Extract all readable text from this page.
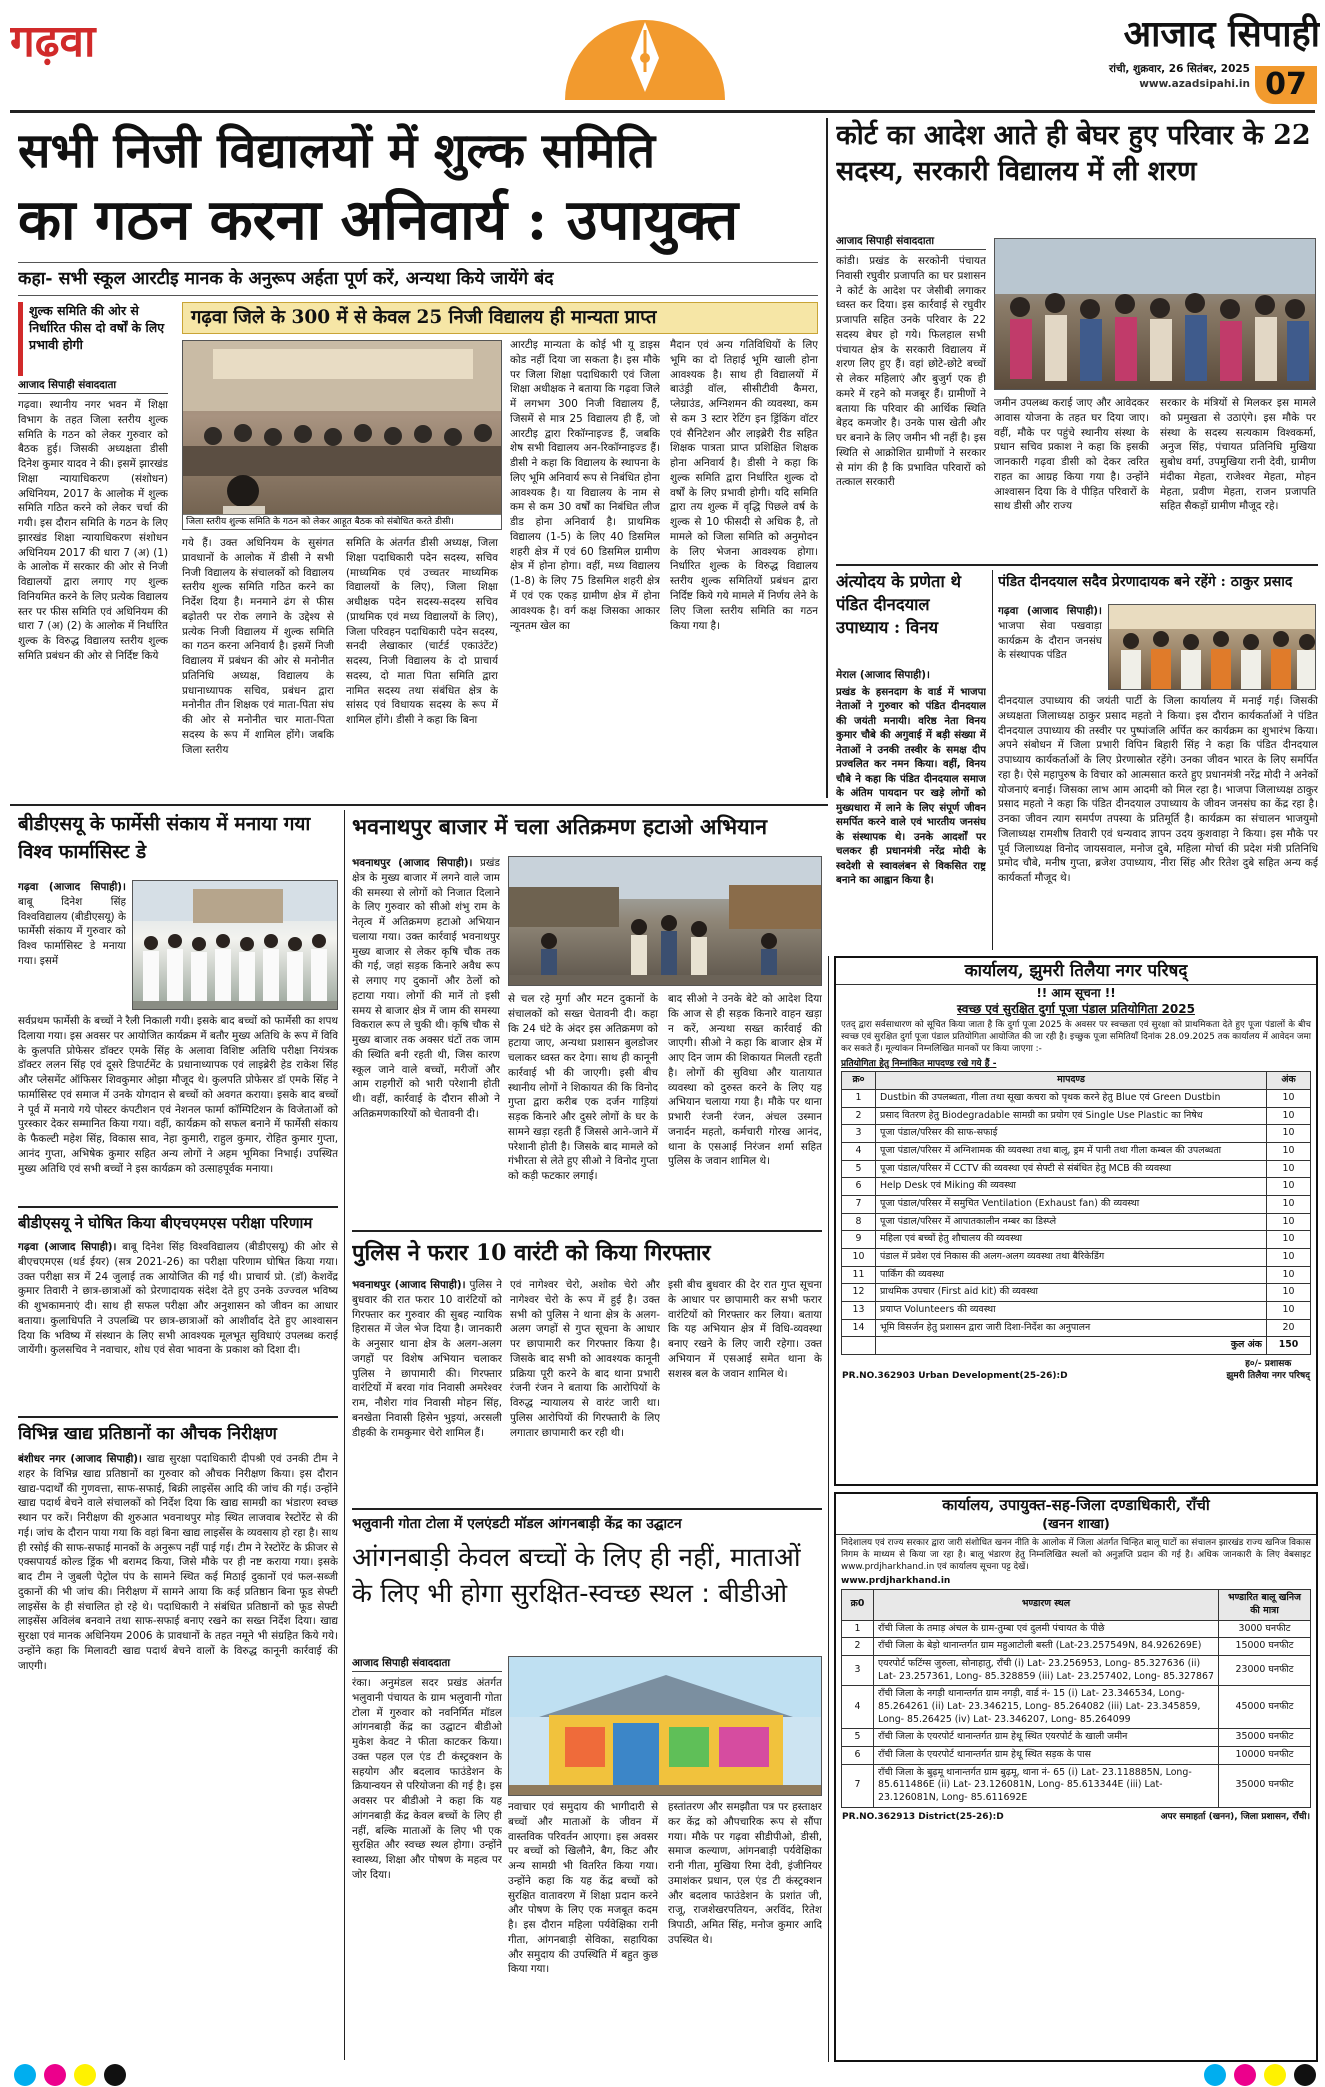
गढ़वा	आजाद सिपाही
रांची, शुक्रवार, 26 सितंबर, 2025
www.azadsipahi.in 07
सभी निजी विद्यालयों में शुल्क समिति
का गठन करना अनिवार्य : उपायुक्त
कहा- सभी स्कूल आरटीइ मानक के अनुरूप अर्हता पूर्ण करें, अन्यथा किये जायेंगे बंद
शुल्क समिति की ओर से निर्धारित फीस दो वर्षों के लिए प्रभावी होगी
गढ़वा जिले के 300 में से केवल 25 निजी विद्यालय ही मान्यता प्राप्त
आजाद सिपाही संवाददाता
जिला स्तरीय शुल्क समिति के गठन को लेकर आहूत बैठक को संबोधित करते डीसी।

गढ़वा। स्थानीय नगर भवन में शिक्षा विभाग के तहत जिला स्तरीय शुल्क समिति के गठन को लेकर गुरुवार को बैठक हुई। जिसकी अध्यक्षता डीसी दिनेश कुमार यादव ने की। इसमें झारखंड शिक्षा न्यायाधिकरण (संशोधन) अधिनियम, 2017 के आलोक में शुल्क समिति गठित करने को लेकर चर्चा की गयी। इस दौरान समिति के गठन के लिए झारखंड शिक्षा न्यायाधिकरण संशोधन अधिनियम 2017 की धारा 7 (अ) (1) के आलोक में सरकार की ओर से निजी विद्यालयों द्वारा लगाए गए शुल्क विनियमित करने के लिए प्रत्येक विद्यालय स्तर पर फीस समिति एवं अधिनियम की धारा 7 (अ) (2) के आलोक में निर्धारित शुल्क के विरुद्ध विद्यालय स्तरीय शुल्क समिति प्रबंधन की ओर से निर्दिष्ट किये

गये हैं। उक्त अधिनियम के सुसंगत प्रावधानों के आलोक में डीसी ने सभी निजी विद्यालय के संचालकों को विद्यालय स्तरीय शुल्क समिति गठित करने का निर्देश दिया है। मनमाने ढंग से फीस बढ़ोतरी पर रोक लगाने के उद्देश्य से प्रत्येक निजी विद्यालय में शुल्क समिति का गठन करना अनिवार्य है। इसमें निजी विद्यालय में प्रबंधन की ओर से मनोनीत प्रतिनिधि अध्यक्ष, विद्यालय के प्रधानाध्यापक सचिव, प्रबंधन द्वारा मनोनीत तीन शिक्षक एवं माता-पिता संघ की ओर से मनोनीत चार माता-पिता सदस्य के रूप में शामिल होंगे। जबकि जिला स्तरीय

समिति के अंतर्गत डीसी अध्यक्ष, जिला शिक्षा पदाधिकारी पदेन सदस्य, सचिव (माध्यमिक एवं उच्चतर माध्यमिक विद्यालयों के लिए), जिला शिक्षा अधीक्षक पदेन सदस्य-सदस्य सचिव (प्राथमिक एवं मध्य विद्यालयों के लिए), जिला परिवहन पदाधिकारी पदेन सदस्य, सनदी लेखाकार (चार्टर्ड एकाउंटेंट) सदस्य, निजी विद्यालय के दो प्राचार्य सदस्य, दो माता पिता समिति द्वारा नामित सदस्य तथा संबंधित क्षेत्र के सांसद एवं विधायक सदस्य के रूप में शामिल होंगे। डीसी ने कहा कि बिना

आरटीइ मान्यता के कोई भी यू डाइस कोड नहीं दिया जा सकता है। इस मौके पर जिला शिक्षा पदाधिकारी एवं जिला शिक्षा अधीक्षक ने बताया कि गढ़वा जिले में लगभग 300 निजी विद्यालय हैं, जिसमें से मात्र 25 विद्यालय ही हैं, जो आरटीइ द्वारा रिकॉग्नाइज्ड हैं, जबकि शेष सभी विद्यालय अन-रिकॉग्नाइज्ड हैं। डीसी ने कहा कि विद्यालय के स्थापना के लिए भूमि अनिवार्य रूप से निबंधित होना आवश्यक है। या विद्यालय के नाम से कम से कम 30 वर्षों का निबंधित लीज डीड होना अनिवार्य है। प्राथमिक विद्यालय (1-5) के लिए 40 डिसमिल शहरी क्षेत्र में एवं 60 डिसमिल ग्रामीण क्षेत्र में होना होगा। वहीं, मध्य विद्यालय (1-8) के लिए 75 डिसमिल शहरी क्षेत्र में एवं एक एकड़ ग्रामीण क्षेत्र में होना आवश्यक है। वर्ग कक्ष जिसका आकार न्यूनतम खेल का

मैदान एवं अन्य गतिविधियों के लिए भूमि का दो तिहाई भूमि खाली होना आवश्यक है। साथ ही विद्यालयों में बाउंड्री वॉल, सीसीटीवी कैमरा, प्लेग्राउंड, अग्निशमन की व्यवस्था, कम से कम 3 स्टार रेटिंग इन ड्रिंकिंग वॉटर एवं सैनिटेशन और लाइब्रेरी रीड सहित शिक्षक पात्रता प्राप्त प्रशिक्षित शिक्षक होना अनिवार्य है। डीसी ने कहा कि शुल्क समिति द्वारा निर्धारित शुल्क दो वर्षों के लिए प्रभावी होगी। यदि समिति द्वारा तय शुल्क में वृद्धि पिछले वर्ष के शुल्क से 10 फीसदी से अधिक है, तो मामले को जिला समिति को अनुमोदन के लिए भेजना आवश्यक होगा। निर्धारित शुल्क के विरुद्ध विद्यालय स्तरीय शुल्क समितियों प्रबंधन द्वारा निर्दिष्ट किये गये मामले में निर्णय लेने के लिए जिला स्तरीय समिति का गठन किया गया है।

कोर्ट का आदेश आते ही बेघर हुए परिवार के 22 सदस्य, सरकारी विद्यालय में ली शरण
आजाद सिपाही संवाददाता

कांडी। प्रखंड के सरकोनी पंचायत निवासी रघुवीर प्रजापति का घर प्रशासन ने कोर्ट के आदेश पर जेसीबी लगाकर ध्वस्त कर दिया। इस कार्रवाई से रघुवीर प्रजापति सहित उनके परिवार के 22 सदस्य बेघर हो गये। फिलहाल सभी पंचायत क्षेत्र के सरकारी विद्यालय में शरण लिए हुए हैं। वहां छोटे-छोटे बच्चों से लेकर महिलाएं और बुजुर्ग एक ही कमरे में रहने को मजबूर हैं। ग्रामीणों ने बताया कि परिवार की आर्थिक स्थिति बेहद कमजोर है। उनके पास खेती और घर बनाने के लिए जमीन भी नहीं है। इस स्थिति से आक्रोशित ग्रामीणों ने सरकार से मांग की है कि प्रभावित परिवारों को तत्काल सरकारी

जमीन उपलब्ध कराई जाए और आवेदकर आवास योजना के तहत घर दिया जाए। वहीं, मौके पर पहुंचे स्थानीय संस्था के प्रधान सचिव प्रकाश ने कहा कि इसकी जानकारी गढ़वा डीसी को देकर त्वरित राहत का आग्रह किया गया है। उन्होंने आश्वासन दिया कि वे पीड़ित परिवारों के साथ डीसी और राज्य

सरकार के मंत्रियों से मिलकर इस मामले को प्रमुखता से उठाएंगे। इस मौके पर संस्था के सदस्य सत्यकाम विश्वकर्मा, अनुज सिंह, पंचायत प्रतिनिधि मुखिया सुबोध वर्मा, उपमुखिया रानी देवी, ग्रामीण मंदीका मेहता, राजेश्वर मेहता, मोहन मेहता, प्रवीण मेहता, राजन प्रजापति सहित सैकड़ों ग्रामीण मौजूद रहे।

अंत्योदय के प्रणेता थे पंडित दीनदयाल उपाध्याय : विनय

मेराल (आजाद सिपाही)।

प्रखंड के हसनदाग के वार्ड में भाजपा नेताओं ने गुरुवार को पंडित दीनदयाल की जयंती मनायी। वरिष्ठ नेता विनय कुमार चौबे की अगुवाई में बड़ी संख्या में नेताओं ने उनकी तस्वीर के समक्ष दीप प्रज्वलित कर नमन किया। वहीं, विनय चौबे ने कहा कि पंडित दीनदयाल समाज के अंतिम पायदान पर खड़े लोगों को मुख्यधारा में लाने के लिए संपूर्ण जीवन समर्पित करने वाले एवं भारतीय जनसंघ के संस्थापक थे। उनके आदर्शों पर चलकर ही प्रधानमंत्री नरेंद्र मोदी के स्वदेशी से स्वावलंबन से विकसित राष्ट्र बनाने का आह्वान किया है।

पंडित दीनदयाल सदैव प्रेरणादायक बने रहेंगे : ठाकुर प्रसाद

गढ़वा (आजाद सिपाही)। भाजपा सेवा पखवाड़ा कार्यक्रम के दौरान जनसंघ के संस्थापक पंडित

दीनदयाल उपाध्याय की जयंती पार्टी के जिला कार्यालय में मनाई गई। जिसकी अध्यक्षता जिलाध्यक्ष ठाकुर प्रसाद महतो ने किया। इस दौरान कार्यकर्ताओं ने पंडित दीनदयाल उपाध्याय की तस्वीर पर पुष्पांजलि अर्पित कर कार्यक्रम का शुभारंभ किया। अपने संबोधन में जिला प्रभारी विपिन बिहारी सिंह ने कहा कि पंडित दीनदयाल उपाध्याय कार्यकर्ताओं के लिए प्रेरणास्रोत रहेंगे। उनका जीवन भारत के लिए समर्पित रहा है। ऐसे महापुरुष के विचार को आत्मसात करते हुए प्रधानमंत्री नरेंद्र मोदी ने अनेकों योजनाएं बनाई। जिसका लाभ आम आदमी को मिल रहा है। भाजपा जिलाध्यक्ष ठाकुर प्रसाद महतो ने कहा कि पंडित दीनदयाल उपाध्याय के जीवन जनसंघ का केंद्र रहा है। उनका जीवन त्याग समर्पण तपस्या के प्रतिमूर्ति है। कार्यक्रम का संचालन भाजयुमो जिलाध्यक्ष रामशीष तिवारी एवं धन्यवाद ज्ञापन उदय कुशवाहा ने किया। इस मौके पर पूर्व जिलाध्यक्ष विनोद जायसवाल, मनोज दुबे, महिला मोर्चा की प्रदेश मंत्री प्रतिनिधि प्रमोद चौबे, मनीष गुप्ता, ब्रजेश उपाध्याय, नीरा सिंह और रितेश दुबे सहित अन्य कई कार्यकर्ता मौजूद थे।

बीडीएसयू के फार्मेसी संकाय में मनाया गया विश्व फार्मासिस्ट डे

गढ़वा (आजाद सिपाही)। बाबू दिनेश सिंह विश्वविद्यालय (बीडीएसयू) के फार्मेसी संकाय में गुरुवार को विश्व फार्मासिस्ट डे मनाया गया। इसमें

सर्वप्रथम फार्मेसी के बच्चों ने रैली निकाली गयी। इसके बाद बच्चों को फार्मेसी का शपथ दिलाया गया। इस अवसर पर आयोजित कार्यक्रम में बतौर मुख्य अतिथि के रूप में विवि के कुलपति प्रोफेसर डॉक्टर एमके सिंह के अलावा विशिष्ट अतिथि परीक्षा नियंत्रक डॉक्टर ललन सिंह एवं दूसरे डिपार्टमेंट के प्रधानाध्यापक एवं लाइब्रेरी हेड राकेश सिंह और प्लेसमेंट ऑफिसर शिवकुमार ओझा मौजूद थे। कुलपति प्रोफेसर डॉ एमके सिंह ने फार्मासिस्ट एवं समाज में उनके योगदान से बच्चों को अवगत कराया। इसके बाद बच्चों ने पूर्व में मनाये गये पोस्टर कंपटीशन एवं नेशनल फार्मा कॉम्पिटिशन के विजेताओं को पुरस्कार देकर सम्मानित किया गया। वहीं, कार्यक्रम को सफल बनाने में फार्मेसी संकाय के फैकल्टी महेश सिंह, विकास साव, नेहा कुमारी, राहुल कुमार, रोहित कुमार गुप्ता, आनंद गुप्ता, अभिषेक कुमार सहित अन्य लोगों ने अहम भूमिका निभाई। उपस्थित मुख्य अतिथि एवं सभी बच्चों ने इस कार्यक्रम को उत्साहपूर्वक मनाया।

बीडीएसयू ने घोषित किया बीएचएमएस परीक्षा परिणाम

गढ़वा (आजाद सिपाही)। बाबू दिनेश सिंह विश्वविद्यालय (बीडीएसयू) की ओर से बीएचएमएस (थर्ड ईयर) (सत्र 2021-26) का परीक्षा परिणाम घोषित किया गया। उक्त परीक्षा सत्र में 24 जुलाई तक आयोजित की गई थी। प्राचार्य प्रो. (डॉ) केशवेंद्र कुमार तिवारी ने छात्र-छात्राओं को प्रेरणादायक संदेश देते हुए उनके उज्ज्वल भविष्य की शुभकामनाएं दी। साथ ही सफल परीक्षा और अनुशासन को जीवन का आधार बताया। कुलाधिपति ने उपलब्धि पर छात्र-छात्राओं को आशीर्वाद देते हुए आश्वासन दिया कि भविष्य में संस्थान के लिए सभी आवश्यक मूलभूत सुविधाएं उपलब्ध कराई जायेंगी। कुलसचिव ने नवाचार, शोध एवं सेवा भावना के प्रकाश को दिशा दी।

विभिन्न खाद्य प्रतिष्ठानों का औचक निरीक्षण

बंशीधर नगर (आजाद सिपाही)। खाद्य सुरक्षा पदाधिकारी दीपश्री एवं उनकी टीम ने शहर के विभिन्न खाद्य प्रतिष्ठानों का गुरुवार को औचक निरीक्षण किया। इस दौरान खाद्य-पदार्थों की गुणवत्ता, साफ-सफाई, बिक्री लाइसेंस आदि की जांच की गई। उन्होंने खाद्य पदार्थ बेचने वाले संचालकों को निर्देश दिया कि खाद्य सामग्री का भंडारण स्वच्छ स्थान पर करें। निरीक्षण की शुरुआत भवनाथपुर मोड़ स्थित लाजवाब रेस्टोरेंट से की गई। जांच के दौरान पाया गया कि वहां बिना खाद्य लाइसेंस के व्यवसाय हो रहा है। साथ ही रसोई की साफ-सफाई मानकों के अनुरूप नहीं पाई गई। टीम ने रेस्टोरेंट के फ्रीजर से एक्सपायर्ड कोल्ड ड्रिंक भी बरामद किया, जिसे मौके पर ही नष्ट कराया गया। इसके बाद टीम ने जुबली पेट्रोल पंप के सामने स्थित कई मिठाई दुकानों एवं फल-सब्जी दुकानों की भी जांच की। निरीक्षण में सामने आया कि कई प्रतिष्ठान बिना फूड सेफ्टी लाइसेंस के ही संचालित हो रहे थे। पदाधिकारी ने संबंधित प्रतिष्ठानों को फूड सेफ्टी लाइसेंस अविलंब बनवाने तथा साफ-सफाई बनाए रखने का सख्त निर्देश दिया। खाद्य सुरक्षा एवं मानक अधिनियम 2006 के प्रावधानों के तहत नमूने भी संग्रहित किये गये। उन्होंने कहा कि मिलावटी खाद्य पदार्थ बेचने वालों के विरुद्ध कानूनी कार्रवाई की जाएगी।

भवनाथपुर बाजार में चला अतिक्रमण हटाओ अभियान

भवनाथपुर (आजाद सिपाही)। प्रखंड क्षेत्र के मुख्य बाजार में लगने वाले जाम की समस्या से लोगों को निजात दिलाने के लिए गुरुवार को सीओ शंभु राम के नेतृत्व में अतिक्रमण हटाओ अभियान चलाया गया। उक्त कार्रवाई भवनाथपुर मुख्य बाजार से लेकर कृषि चौक तक की गई, जहां सड़क किनारे अवैध रूप से लगाए गए दुकानों और ठेलों को हटाया गया। लोगों की मानें तो इसी समय से बाजार क्षेत्र में जाम की समस्या विकराल रूप ले चुकी थी। कृषि चौक से मुख्य बाजार तक अक्सर घंटों तक जाम की स्थिति बनी रहती थी, जिस कारण स्कूल जाने वाले बच्चों, मरीजों और आम राहगीरों को भारी परेशानी होती थी। वहीं, कार्रवाई के दौरान सीओ ने अतिक्रमणकारियों को चेतावनी दी।

से चल रहे मुर्गा और मटन दुकानों के संचालकों को सख्त चेतावनी दी। कहा कि 24 घंटे के अंदर इस अतिक्रमण को हटाया जाए, अन्यथा प्रशासन बुलडोजर चलाकर ध्वस्त कर देगा। साथ ही कानूनी कार्रवाई भी की जाएगी। इसी बीच स्थानीय लोगों ने शिकायत की कि विनोद गुप्ता द्वारा करीब एक दर्जन गाड़ियां सड़क किनारे और दुसरे लोगों के घर के सामने खड़ा रहती हैं जिससे आने-जाने में परेशानी होती है। जिसके बाद मामले को गंभीरता से लेते हुए सीओ ने विनोद गुप्ता को कड़ी फटकार लगाई।

बाद सीओ ने उनके बेटे को आदेश दिया कि आज से ही सड़क किनारे वाहन खड़ा न करें, अन्यथा सख्त कार्रवाई की जाएगी। सीओ ने कहा कि बाजार क्षेत्र में आए दिन जाम की शिकायत मिलती रहती है। लोगों की सुविधा और यातायात व्यवस्था को दुरुस्त करने के लिए यह अभियान चलाया गया है। मौके पर थाना प्रभारी रंजनी रंजन, अंचल उस्मान जनार्दन महतो, कर्मचारी गोरख आनंद, थाना के एसआई निरंजन शर्मा सहित पुलिस के जवान शामिल थे।

पुलिस ने फरार 10 वारंटी को किया गिरफ्तार

भवनाथपुर (आजाद सिपाही)। पुलिस ने बुधवार की रात फरार 10 वारंटियों को गिरफ्तार कर गुरुवार की सुबह न्यायिक हिरासत में जेल भेज दिया है। जानकारी के अनुसार थाना क्षेत्र के अलग-अलग जगहों पर विशेष अभियान चलाकर पुलिस ने छापामारी की। गिरफ्तार वारंटियों में बरवा गांव निवासी अमरेश्वर राम, नौशेरा गांव निवासी मोहन सिंह, बनखेता निवासी हिसेन भुइयां, अरसली डीहकी के रामकुमार चेरो शामिल हैं।

एवं नागेश्वर चेरो, अशोक चेरो और नागेश्वर चेरो के रूप में हुई है। उक्त सभी को पुलिस ने थाना क्षेत्र के अलग-अलग जगहों से गुप्त सूचना के आधार पर छापामारी कर गिरफ्तार किया है। जिसके बाद सभी को आवश्यक कानूनी प्रक्रिया पूरी करने के बाद थाना प्रभारी रंजनी रंजन ने बताया कि आरोपियों के विरुद्ध न्यायालय से वारंट जारी था। पुलिस आरोपियों की गिरफ्तारी के लिए लगातार छापामारी कर रही थी।

इसी बीच बुधवार की देर रात गुप्त सूचना के आधार पर छापामारी कर सभी फरार वारंटियों को गिरफ्तार कर लिया। बताया कि यह अभियान क्षेत्र में विधि-व्यवस्था बनाए रखने के लिए जारी रहेगा। उक्त अभियान में एसआई समेत थाना के सशस्त्र बल के जवान शामिल थे।

भलुवानी गोता टोला में एलएंडटी मॉडल आंगनबाड़ी केंद्र का उद्घाटन
आंगनबाड़ी केवल बच्चों के लिए ही नहीं, माताओं के लिए भी होगा सुरक्षित-स्वच्छ स्थल : बीडीओ
आजाद सिपाही संवाददाता

रंका। अनुमंडल सदर प्रखंड अंतर्गत भलुवानी पंचायत के ग्राम भलुवानी गोता टोला में गुरुवार को नवनिर्मित मॉडल आंगनबाड़ी केंद्र का उद्घाटन बीडीओ मुकेश केवट ने फीता काटकर किया। उक्त पहल एल एंड टी कंस्ट्रक्शन के सहयोग और बदलाव फाउंडेशन के क्रियान्वयन से परियोजना की गई है। इस अवसर पर बीडीओ ने कहा कि यह आंगनबाड़ी केंद्र केवल बच्चों के लिए ही नहीं, बल्कि माताओं के लिए भी एक सुरक्षित और स्वच्छ स्थल होगा। उन्होंने स्वास्थ्य, शिक्षा और पोषण के महत्व पर जोर दिया।

नवाचार एवं समुदाय की भागीदारी से बच्चों और माताओं के जीवन में वास्तविक परिवर्तन आएगा। इस अवसर पर बच्चों को खिलौने, बैग, किट और अन्य सामग्री भी वितरित किया गया। उन्होंने कहा कि यह केंद्र बच्चों को सुरक्षित वातावरण में शिक्षा प्रदान करने और पोषण के लिए एक मजबूत कदम है। इस दौरान महिला पर्यवेक्षिका रानी गीता, आंगनबाड़ी सेविका, सहायिका और समुदाय की उपस्थिति में बहुत कुछ किया गया।

हस्तांतरण और समझौता पत्र पर हस्ताक्षर कर केंद्र को औपचारिक रूप से सौंपा गया। मौके पर गढ़वा सीडीपीओ, डीसी, समाज कल्याण, आंगनबाड़ी पर्यवेक्षिका रानी गीता, मुखिया रिमा देवी, इंजीनियर उमाशंकर प्रधान, एल एंड टी कंस्ट्रक्शन और बदलाव फाउंडेशन के प्रशांत जी, राजू, राजशेखरपतियन, अरविंद, रितेश त्रिपाठी, अमित सिंह, मनोज कुमार आदि उपस्थित थे।

कार्यालय, झुमरी तिलैया नगर परिषद्
!! आम सूचना !!
स्वच्छ एवं सुरक्षित दुर्गा पूजा पंडाल प्रतियोगिता 2025
एतद् द्वारा सर्वसाधारण को सूचित किया जाता है कि दुर्गा पूजा 2025 के अवसर पर स्वच्छता एवं सुरक्षा को प्राथमिकता देते हुए पूजा पंडालों के बीच स्वच्छ एवं सुरक्षित दुर्गा पूजा पंडाल प्रतियोगिता आयोजित की जा रही है। इच्छुक पूजा समितियाँ दिनांक 28.09.2025 तक कार्यालय में आवेदन जमा कर सकते हैं। मूल्यांकन निम्नलिखित मानकों पर किया जाएगा :-
प्रतियोगिता हेतु निम्नांकित मापदण्ड रखे गये हैं -
क्र०	मापदण्ड	अंक
1	Dustbin की उपलब्धता, गीला तथा सूखा कचरा को पृथक करने हेतु Blue एवं Green Dustbin	10
2	प्रसाद वितरण हेतु Biodegradable सामग्री का प्रयोग एवं Single Use Plastic का निषेध	10
3	पूजा पंडाल/परिसर की साफ-सफाई	10
4	पूजा पंडाल/परिसर में अग्निशामक की व्यवस्था तथा बालू, ड्रम में पानी तथा गीला कम्बल की उपलब्धता	10
5	पूजा पंडाल/परिसर में CCTV की व्यवस्था एवं सेफ्टी से संबंधित हेतु MCB की व्यवस्था	10
6	Help Desk एवं Miking की व्यवस्था	10
7	पूजा पंडाल/परिसर में समुचित Ventilation (Exhaust fan) की व्यवस्था	10
8	पूजा पंडाल/परिसर में आपातकालीन नम्बर का डिस्प्ले	10
9	महिला एवं बच्चों हेतु शौचालय की व्यवस्था	10
10	पंडाल में प्रवेश एवं निकास की अलग-अलग व्यवस्था तथा बैरिकेडिंग	10
11	पार्किंग की व्यवस्था	10
12	प्राथमिक उपचार (First aid kit) की व्यवस्था	10
13	प्रयाप्त Volunteers की व्यवस्था	10
14	भूमि विसर्जन हेतु प्रशासन द्वारा जारी दिशा-निर्देश का अनुपालन	20
	कुल अंक	150
PR.NO.362903 Urban Development(25-26):D
ह०/- प्रशासक
झुमरी तिलैया नगर परिषद्
कार्यालय, उपायुक्त-सह-जिला दण्डाधिकारी, राँची
(खनन शाखा)
निदेशालय एवं राज्य सरकार द्वारा जारी संशोधित खनन नीति के आलोक में जिला अंतर्गत चिन्हित बालू घाटों का संचालन झारखंड राज्य खनिज विकास निगम के माध्यम से किया जा रहा है। बालू भंडारण हेतु निम्नलिखित स्थलों को अनुज्ञप्ति प्रदान की गई है। अधिक जानकारी के लिए वेबसाइट www.prdjharkhand.in एवं कार्यालय सूचना पट्ट देखें।
www.prdjharkhand.in
क्र0	भण्डारण स्थल	भण्डारित बालू खनिज की मात्रा
1	राँची जिला के तमाड़ अंचल के ग्राम-तुम्बा एवं दुलमी पंचायत के पीछे	3000 घनफीट
2	राँची जिला के बेड़ो थानान्तर्गत ग्राम महुआटोली बस्ती (Lat-23.257549N, 84.926269E)	15000 घनफीट
3	एयरपोर्ट फटिंग्स जुरुला, सोनाहातु, राँची (i) Lat- 23.256953, Long- 85.327636 (ii) Lat- 23.257361, Long- 85.328859 (iii) Lat- 23.257402, Long- 85.327867	23000 घनफीट
4	राँची जिला के नगड़ी थानान्तर्गत ग्राम नगड़ी, वार्ड नं- 15 (i) Lat- 23.346534, Long- 85.264261 (ii) Lat- 23.346215, Long- 85.264082 (iii) Lat- 23.345859, Long- 85.26425 (iv) Lat- 23.346207, Long- 85.264099	45000 घनफीट
5	राँची जिला के एयरपोर्ट थानान्तर्गत ग्राम हेथू स्थित एयरपोर्ट के खाली जमीन	35000 घनफीट
6	राँची जिला के एयरपोर्ट थानान्तर्गत ग्राम हेथू स्थित सड़क के पास	10000 घनफीट
7	राँची जिला के बुढ़मू थानान्तर्गत ग्राम बुढ़मू, थाना नं- 65 (i) Lat- 23.118885N, Long- 85.611486E (ii) Lat- 23.126081N, Long- 85.613344E (iii) Lat- 23.126081N, Long- 85.611692E	35000 घनफीट
PR.NO.362913 District(25-26):D	अपर समाहर्ता (खनन), जिला प्रशासन, राँची।
